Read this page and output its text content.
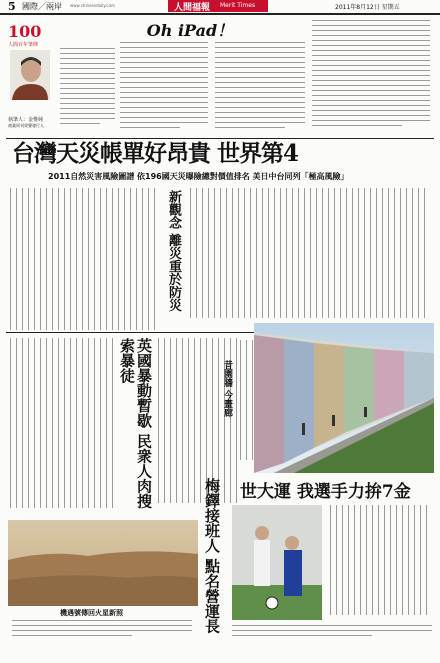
5 國際／兩岸 www.chinesedaily.com	人間福報 Merit Times	2011年8月12日 星期五
100
人間百年筆陣
執筆人：金惟純
商業周刊榮譽發行人
Oh iPad！
台灣天災帳單好昂貴 世界第4
2011自然災害風險圖譜 依196國天災曝險總對價值排名 美日中台同列「極高風險」
新觀念 離災重於防災
英國暴動暫歇 民衆人肉搜索暴徒	昔圍牆 今畫廊
世大運 我選手力拚7金
梅鐸接班人 點名營運長
機遇號傳回火星新照
